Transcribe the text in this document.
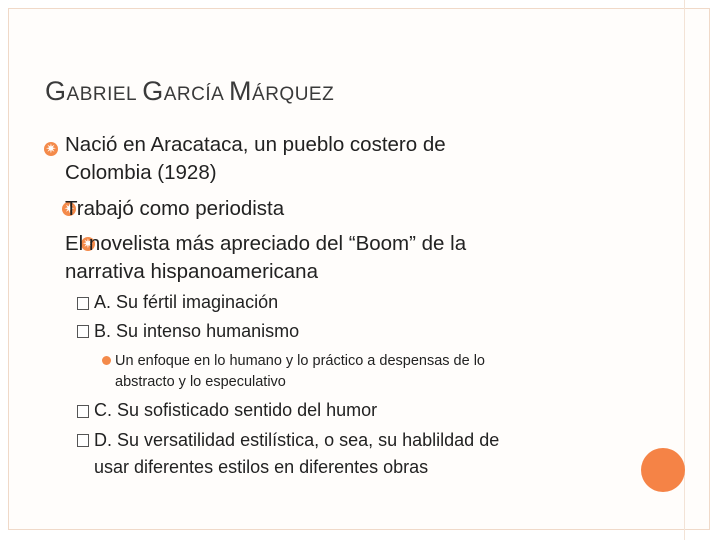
GABRIEL GARCÍA MÁRQUEZ
✷
Nació en Aracataca, un pueblo costero de
Colombia (1928)
✷
Trabajó como periodista
✷
El novelista más apreciado del “Boom” de la
narrativa hispanoamericana
A. Su fértil imaginación
B. Su intenso humanismo
Un enfoque en lo humano y lo práctico a despensas de lo
abstracto y lo especulativo
C. Su sofisticado sentido del humor
D. Su versatilidad estilística, o sea, su hablildad de
usar diferentes estilos en diferentes obras
